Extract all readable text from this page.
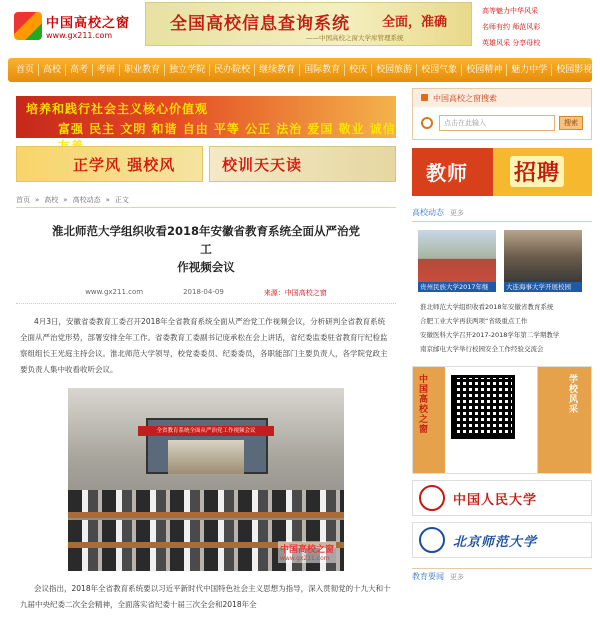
中国高校之窗
www.gx211.com
全国高校信息查询系统 全面，准确
——中国高校之窗大学库管理系统
高等魅力中华风采
名师有约 师范风彩
英雄风采 分享母校
首页	高校	高考	考研	职业教育	独立学院	民办院校	继续教育	国际教育	校庆	校园旅游	校园气象	校园精神	魅力中学	校园影视
培养和践行社会主义核心价值观
富强 民主 文明 和谐 自由 平等 公正 法治 爱国 敬业 诚信
正学风 强校风	校训天天读
首页 » 高校 » 高校动态 » 正文
淮北师范大学组织收看2018年安徽省教育系统全面从严治党工
作视频会议
www.gx211.com	2018-04-09	来源：中国高校之窗

4月3日，安徽省委教育工委召开2018年全省教育系统全面从严治党工作视频会议，分析研判全省教育系统全面从严治党形势，部署安排全年工作。省委教育工委副书记庞承松在会上讲话，省纪委监委驻省教育厅纪检监察组组长王光庭主持会议。淮北师范大学领导，校党委委员、纪委委员，各职能部门主要负责人，各学院党政主要负责人集中收看收听会议。

全省教育系统全面从严治党工作视频会议
中国高校之窗
www.gx211.com

会议指出，2018年全省教育系统要以习近平新时代中国特色社会主义思想为指导，深入贯彻党的十九大和十九届中央纪委二次全会精神，全面落实省纪委十届三次全会和2018年全

中国高校之窗搜索
点击在此输入	搜索
教师 招聘
高校动态 更多
贵州民族大学2017年继	大连海事大学开展校园
淮北师范大学组织收看2018年安徽省教育系统
合肥工业大学再获两项“省级重点工作
安徽医科大学召开2017-2018学年第二学期教学
南京邮电大学举行校园安全工作经验交流会
中国高校之窗
学校风采
中国人民大学
北京师范大学
教育要闻 更多
